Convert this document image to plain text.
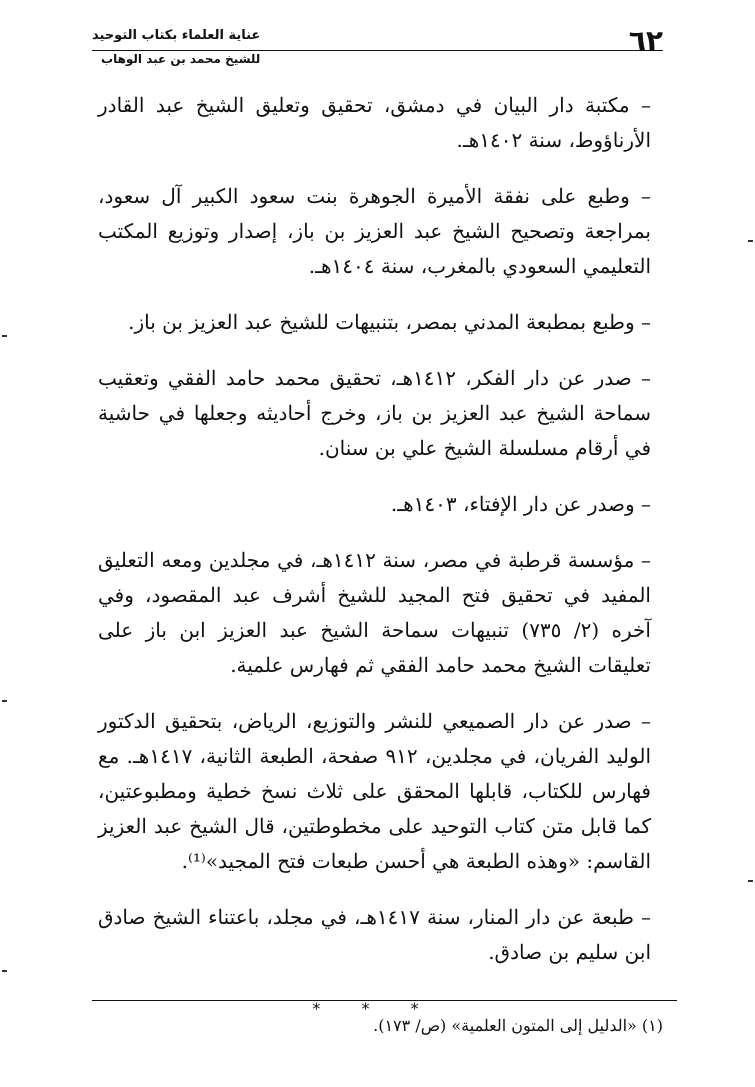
٦٢
عناية العلماء بكتاب التوحيد
للشيخ محمد بن عبد الوهاب
– مكتبة دار البيان في دمشق، تحقيق وتعليق الشيخ عبد القادر الأرناؤوط، سنة ١٤٠٢هـ.
– وطبع على نفقة الأميرة الجوهرة بنت سعود الكبير آل سعود، بمراجعة وتصحيح الشيخ عبد العزيز بن باز، إصدار وتوزيع المكتب التعليمي السعودي بالمغرب، سنة ١٤٠٤هـ.
– وطبع بمطبعة المدني بمصر، بتنبيهات للشيخ عبد العزيز بن باز.
– صدر عن دار الفكر، ١٤١٢هـ، تحقيق محمد حامد الفقي وتعقيب سماحة الشيخ عبد العزيز بن باز، وخرج أحاديثه وجعلها في حاشية في أرقام مسلسلة الشيخ علي بن سنان.
– وصدر عن دار الإفتاء، ١٤٠٣هـ.
– مؤسسة قرطبة في مصر، سنة ١٤١٢هـ، في مجلدين ومعه التعليق المفيد في تحقيق فتح المجيد للشيخ أشرف عبد المقصود، وفي آخره (٢/ ٧٣٥) تنبيهات سماحة الشيخ عبد العزيز ابن باز على تعليقات الشيخ محمد حامد الفقي ثم فهارس علمية.
– صدر عن دار الصميعي للنشر والتوزيع، الرياض، بتحقيق الدكتور الوليد الفريان، في مجلدين، ٩١٢ صفحة، الطبعة الثانية، ١٤١٧هـ. مع فهارس للكتاب، قابلها المحقق على ثلاث نسخ خطية ومطبوعتين، كما قابل متن كتاب التوحيد على مخطوطتين، قال الشيخ عبد العزيز القاسم: «وهذه الطبعة هي أحسن طبعات فتح المجيد»⁽¹⁾.
– طبعة عن دار المنار، سنة ١٤١٧هـ، في مجلد، باعتناء الشيخ صادق ابن سليم بن صادق.
* * *
(١) «الدليل إلى المتون العلمية» (ص/ ١٧٣).
